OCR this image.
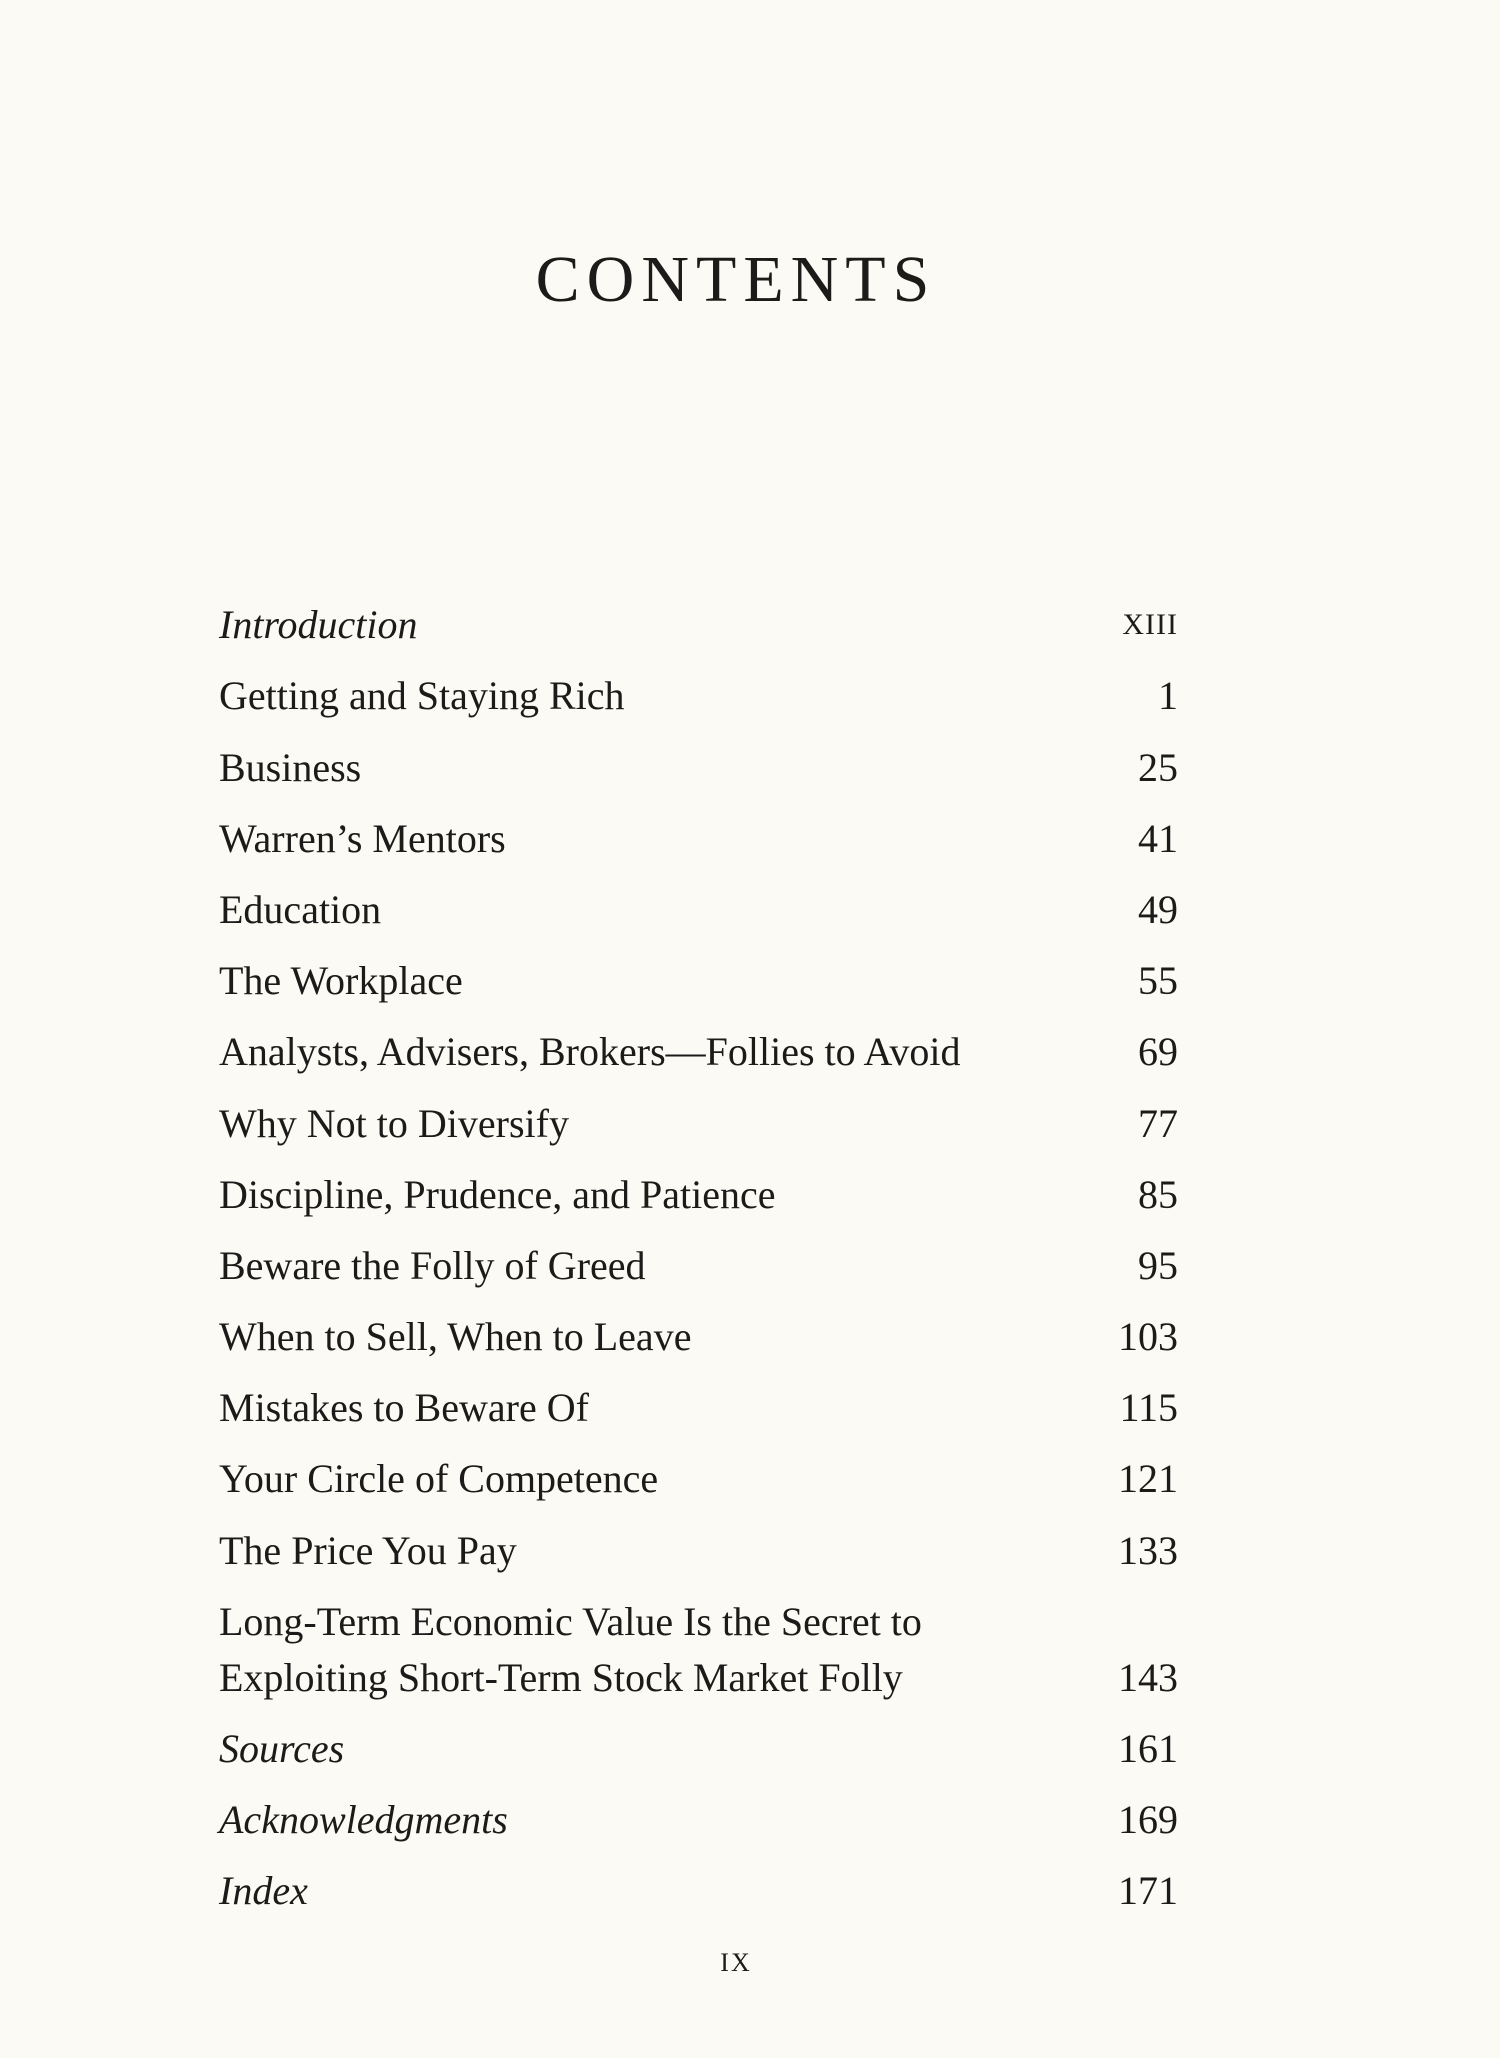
CONTENTS
Introduction	XIII
Getting and Staying Rich	1
Business	25
Warren’s Mentors	41
Education	49
The Workplace	55
Analysts, Advisers, Brokers—Follies to Avoid	69
Why Not to Diversify	77
Discipline, Prudence, and Patience	85
Beware the Folly of Greed	95
When to Sell, When to Leave	103
Mistakes to Beware Of	115
Your Circle of Competence	121
The Price You Pay	133
Long-Term Economic Value Is the Secret to
Exploiting Short-Term Stock Market Folly	143
Sources	161
Acknowledgments	169
Index	171
IX
